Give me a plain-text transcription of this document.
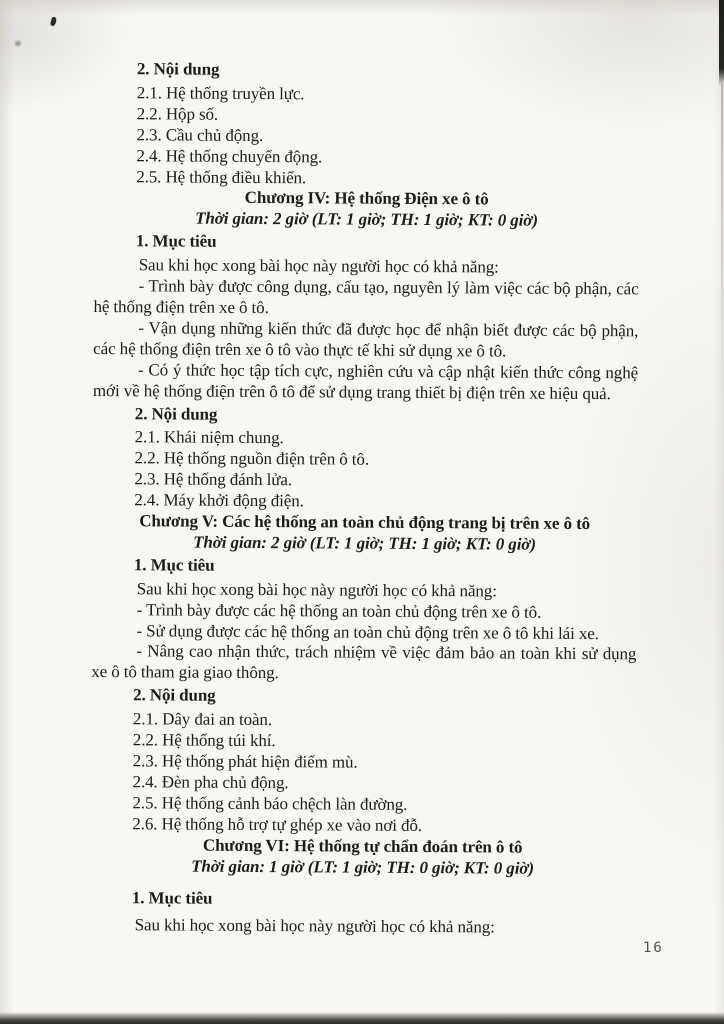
2. Nội dung
2.1. Hệ thống truyền lực.
2.2. Hộp số.
2.3. Cầu chủ động.
2.4. Hệ thống chuyển động.
2.5. Hệ thống điều khiển.
Chương IV: Hệ thống Điện xe ô tô
Thời gian: 2 giờ (LT: 1 giờ; TH: 1 giờ; KT: 0 giờ)
1. Mục tiêu
Sau khi học xong bài học này người học có khả năng:
- Trình bày được công dụng, cấu tạo, nguyên lý làm việc các bộ phận, các hệ thống điện trên xe ô tô.
- Vận dụng những kiến thức đã được học để nhận biết được các bộ phận, các hệ thống điện trên xe ô tô vào thực tế khi sử dụng xe ô tô.
- Có ý thức học tập tích cực, nghiên cứu và cập nhật kiến thức công nghệ mới về hệ thống điện trên ô tô để sử dụng trang thiết bị điện trên xe hiệu quả.
2. Nội dung
2.1. Khái niệm chung.
2.2. Hệ thống nguồn điện trên ô tô.
2.3. Hệ thống đánh lửa.
2.4. Máy khởi động điện.
Chương V: Các hệ thống an toàn chủ động trang bị trên xe ô tô
Thời gian: 2 giờ (LT: 1 giờ; TH: 1 giờ; KT: 0 giờ)
1. Mục tiêu
Sau khi học xong bài học này người học có khả năng:
- Trình bày được các hệ thống an toàn chủ động trên xe ô tô.
- Sử dụng được các hệ thống an toàn chủ động trên xe ô tô khi lái xe.
- Nâng cao nhận thức, trách nhiệm về việc đảm bảo an toàn khi sử dụng xe ô tô tham gia giao thông.
2. Nội dung
2.1. Dây đai an toàn.
2.2. Hệ thống túi khí.
2.3. Hệ thống phát hiện điểm mù.
2.4. Đèn pha chủ động.
2.5. Hệ thống cảnh báo chệch làn đường.
2.6. Hệ thống hỗ trợ tự ghép xe vào nơi đỗ.
Chương VI: Hệ thống tự chẩn đoán trên ô tô
Thời gian: 1 giờ (LT: 1 giờ; TH: 0 giờ; KT: 0 giờ)
1. Mục tiêu
Sau khi học xong bài học này người học có khả năng:
16
